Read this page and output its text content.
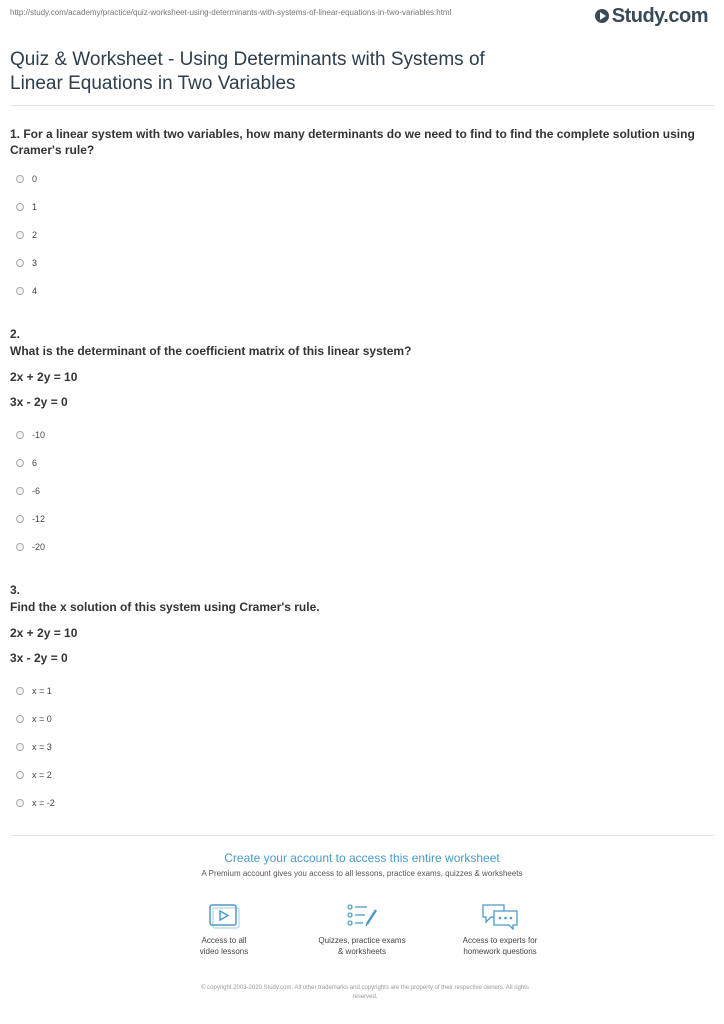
http://study.com/academy/practice/quiz-worksheet-using-determinants-with-systems-of-linear-equations-in-two-variables.html	Study.com
Quiz & Worksheet - Using Determinants with Systems of
Linear Equations in Two Variables

1. For a linear system with two variables, how many determinants do we need to find to find the complete solution using Cramer's rule?

0
1
2
3
4

2.

What is the determinant of the coefficient matrix of this linear system?

2x + 2y = 10

3x - 2y = 0

-10
6
-6
-12
-20

3.

Find the x solution of this system using Cramer's rule.

2x + 2y = 10

3x - 2y = 0

x = 1
x = 0
x = 3
x = 2
x = -2
Create your account to access this entire worksheet
A Premium account gives you access to all lessons, practice exams, quizzes & worksheets
Access to all
video lessons
Quizzes, practice exams
& worksheets
Access to experts for
homework questions
© copyright 2003-2020 Study.com. All other trademarks and copyrights are the property of their respective owners. All rights
reserved.
